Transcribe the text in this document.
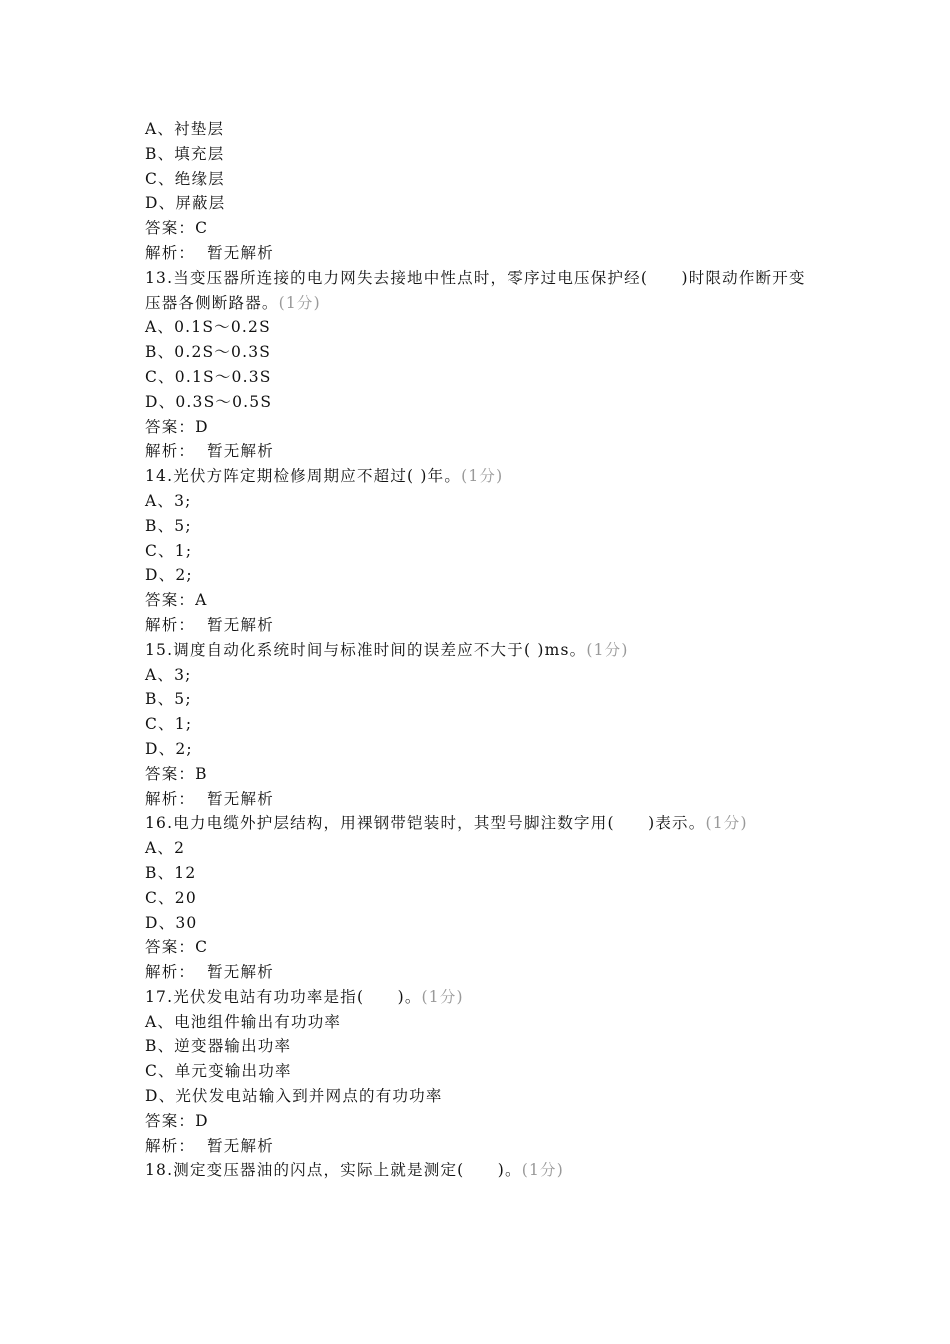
A、衬垫层
B、填充层
C、绝缘层
D、屏蔽层
答案：C
解析： 暂无解析
13.当变压器所连接的电力网失去接地中性点时，零序过电压保护经(　　)时限动作断开变压器各侧断路器。(1分)
A、0.1S～0.2S
B、0.2S～0.3S
C、0.1S～0.3S
D、0.3S～0.5S
答案：D
解析： 暂无解析
14.光伏方阵定期检修周期应不超过( )年。(1分)
A、3;
B、5;
C、1;
D、2;
答案：A
解析： 暂无解析
15.调度自动化系统时间与标准时间的误差应不大于( )ms。(1分)
A、3;
B、5;
C、1;
D、2;
答案：B
解析： 暂无解析
16.电力电缆外护层结构，用裸钢带铠装时，其型号脚注数字用(　　)表示。(1分)
A、2
B、12
C、20
D、30
答案：C
解析： 暂无解析
17.光伏发电站有功功率是指(　　)。(1分)
A、电池组件输出有功功率
B、逆变器输出功率
C、单元变输出功率
D、光伏发电站输入到并网点的有功功率
答案：D
解析： 暂无解析
18.测定变压器油的闪点，实际上就是测定(　　)。(1分)
